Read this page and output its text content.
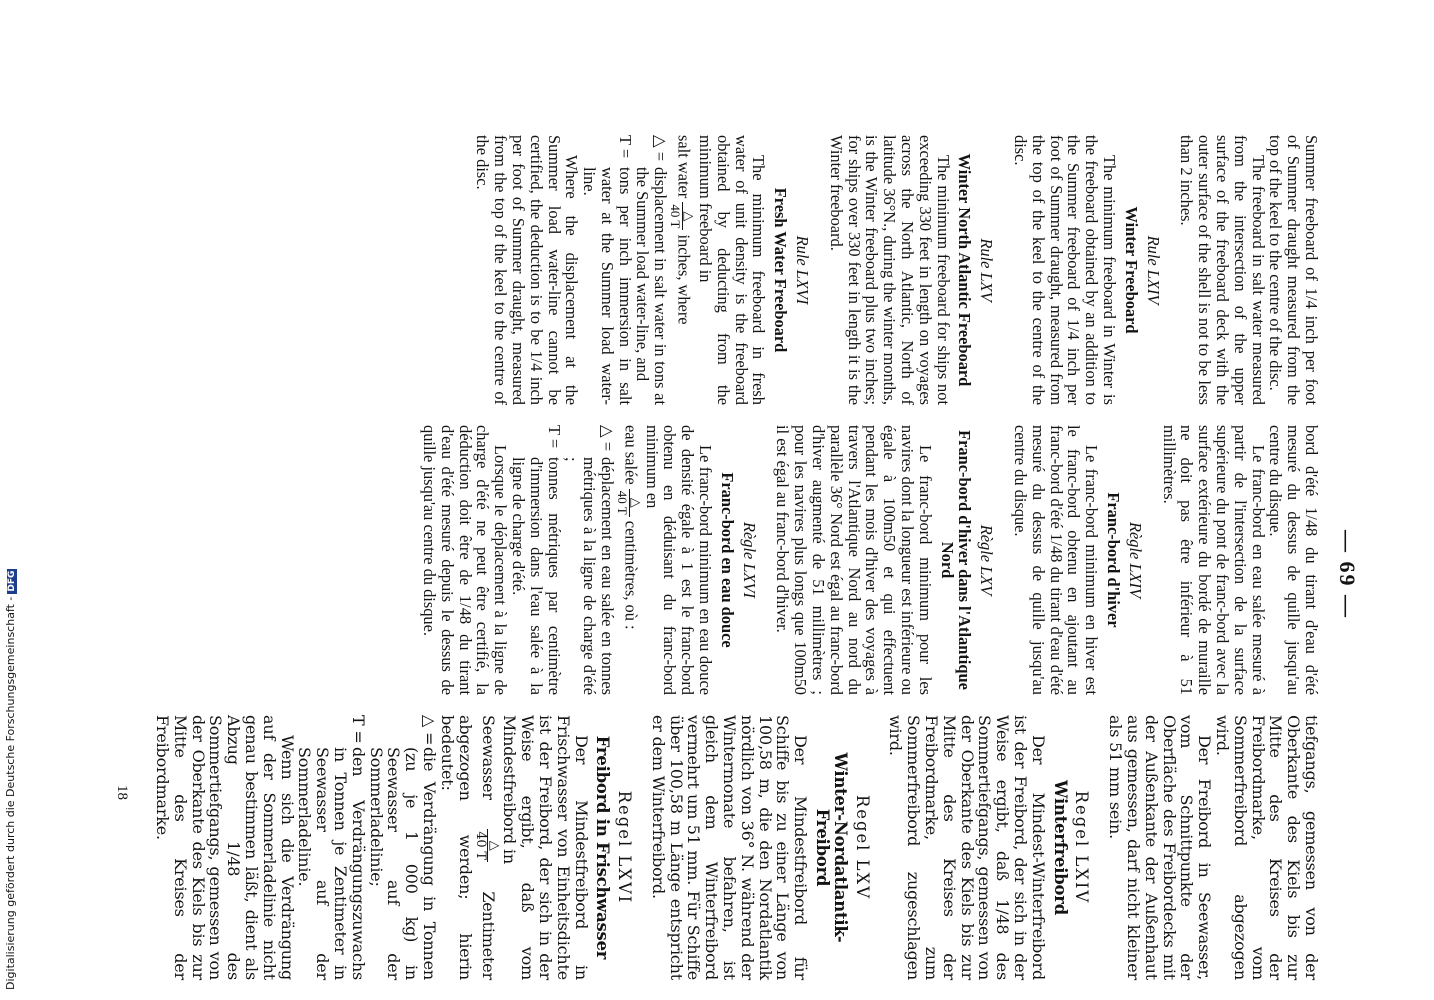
Summer freeboard of 1/4 inch per foot of Summer draught measured from the top of the keel to the centre of the disc.

The freeboard in salt water measured from the intersection of the upper surface of the freeboard deck with the outer surface of the shell is not to be less than 2 inches.

Rule LXIV
Winter Freeboard

The minimum freeboard in Winter is the freeboard obtained by an addition to the Summer freeboard of 1/4 inch per foot of Summer draught, measured from the top of the keel to the centre of the disc.

Rule LXV
Winter North Atlantic Freeboard

The minimum freeboard for ships not exceeding 330 feet in length on voyages across the North Atlantic, North of latitude 36°N., during the winter months, is the Winter freeboard plus two inches; for ships over 330 feet in length it is the Winter freeboard.

Rule LXVI
Fresh Water Freeboard

The minimum freeboard in fresh water of unit density is the freeboard obtained by deducting from the minimum freeboard in

salt water
△
40 T
inches, where

△ =
displacement in salt water in tons at the Summer load water-line, and
T =
tons per inch immersion in salt water at the Summer load water-line.

Where the displacement at the Summer load water-line cannot be certified, the deduction is to be 1/4 inch per foot of Summer draught, measured from the top of the keel to the centre of the disc.

bord d'été 1/48 du tirant d'eau d'été mesuré du dessus de quille jusqu'au centre du disque.

Le franc-bord en eau salée mesuré à partir de l'intersection de la surface supérieure du pont de franc-bord avec la surface extérieure du bordé de muraille ne doit pas être inférieur à 51 millimètres.

Règle LXIV
Franc-bord d'hiver

Le franc-bord minimum en hiver est le franc-bord obtenu en ajoutant au franc-bord d'été 1/48 du tirant d'eau d'été mesuré du dessus de quille jusqu'au centre du disque.

Règle LXV
Franc-bord d'hiver dans l'Atlantique Nord

Le franc-bord minimum pour les navires dont la longueur est inférieure ou égale à 100m50 et qui effectuent pendant les mois d'hiver des voyages à travers l'Atlantique Nord au nord du parallèle 36° Nord est égal au franc-bord d'hiver augmenté de 51 millimètres ; pour les navires plus longs que 100m50 il est égal au franc-bord d'hiver.

Règle LXVI
Franc-bord en eau douce

Le franc-bord minimum en eau douce de densité égale à 1 est le franc-bord obtenu en déduisant du franc-bord minimum en

eau salée
△
40 T
centimètres, où :

△ =
déplacement en eau salée en tonnes métriques à la ligne de charge d'été ;
T =
tonnes métriques par centimètre d'immersion dans l'eau salée à la ligne de charge d'été.

Lorsque le déplacement à la ligne de charge d'été ne peut être certifié, la déduction doit être de 1/48 du tirant d'eau d'été mesuré depuis le dessus de quille jusqu'au centre du disque.

tiefgangs, gemessen von der Oberkante des Kiels bis zur Mitte des Kreises der Freibordmarke, vom Sommerfreibord abgezogen wird.

Der Freibord in Seewasser, vom Schnittpunkte der Oberfläche des Freibordecks mit der Außenkante der Außenhaut aus gemessen, darf nicht kleiner als 51 mm sein.

Regel LXIV
Winterfreibord

Der Mindest-Winterfreibord ist der Freibord, der sich in der Weise ergibt, daß 1/48 des Sommertiefgangs, gemessen von der Oberkante des Kiels bis zur Mitte des Kreises der Freibordmarke, zum Sommerfreibord zugeschlagen wird.

Regel LXV
Winter-Nordatlantik-Freibord

Der Mindestfreibord für Schiffe bis zu einer Länge von 100,58 m, die den Nordatlantik nördlich von 36° N. während der Wintermonate befahren, ist gleich dem Winterfreibord vermehrt um 51 mm. Für Schiffe über 100,58 m Länge entspricht er dem Winterfreibord.

Regel LXVI
Freibord in Frischwasser

Der Mindestfreibord in Frischwasser von Einheitsdichte ist der Freibord, der sich in der Weise ergibt, daß vom Mindestfreibord in

Seewasser
△
40 T
Zentimeter abgezogen werden; hierin bedeutet:

△ =
die Verdrängung in Tonnen (zu je 1 000 kg) in Seewasser auf der Sommerladelinie;
T =
den Verdrängungszuwachs in Tonnen je Zentimeter in Seewasser auf der Sommerladelinie.

Wenn sich die Verdrängung auf der Sommerladelinie nicht genau bestimmen läßt, dient als Abzug 1/48 des Sommertiefgangs, gemessen von der Oberkante des Kiels bis zur Mitte des Kreises der Freibordmarke.

— 69 —
18
Digitalisierung gefördert durch die Deutsche Forschungsgemeinschaft -DFG
